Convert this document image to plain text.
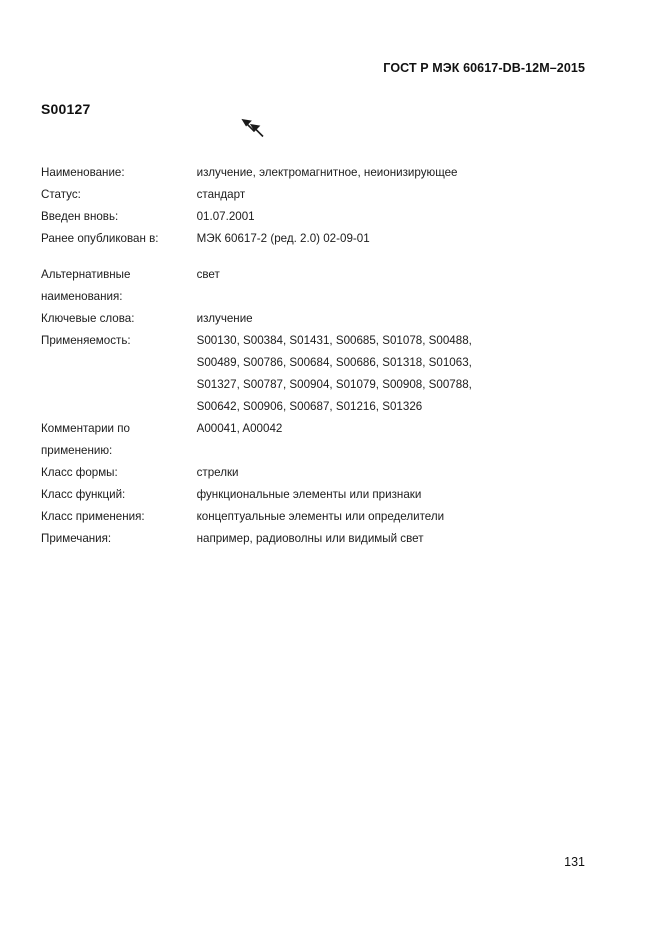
ГОСТ Р МЭК 60617-DB-12M–2015
S00127
Наименование:	излучение, электромагнитное, неионизирующее

Статус:	стандарт

Введен вновь:	01.07.2001

Ранее опубликован в:	МЭК 60617-2 (ред. 2.0) 02-09-01

Альтернативные
наименования:	свет

Ключевые слова:	излучение

Применяемость:	S00130, S00384, S01431, S00685, S01078, S00488,
S00489, S00786, S00684, S00686, S01318, S01063,
S01327, S00787, S00904, S01079, S00908, S00788,
S00642, S00906, S00687, S01216, S01326

Комментарии по
применению:	A00041, A00042

Класс формы:	стрелки

Класс функций:	функциональные элементы или признаки

Класс применения:	концептуальные элементы или определители

Примечания:	например, радиоволны или видимый свет
131
